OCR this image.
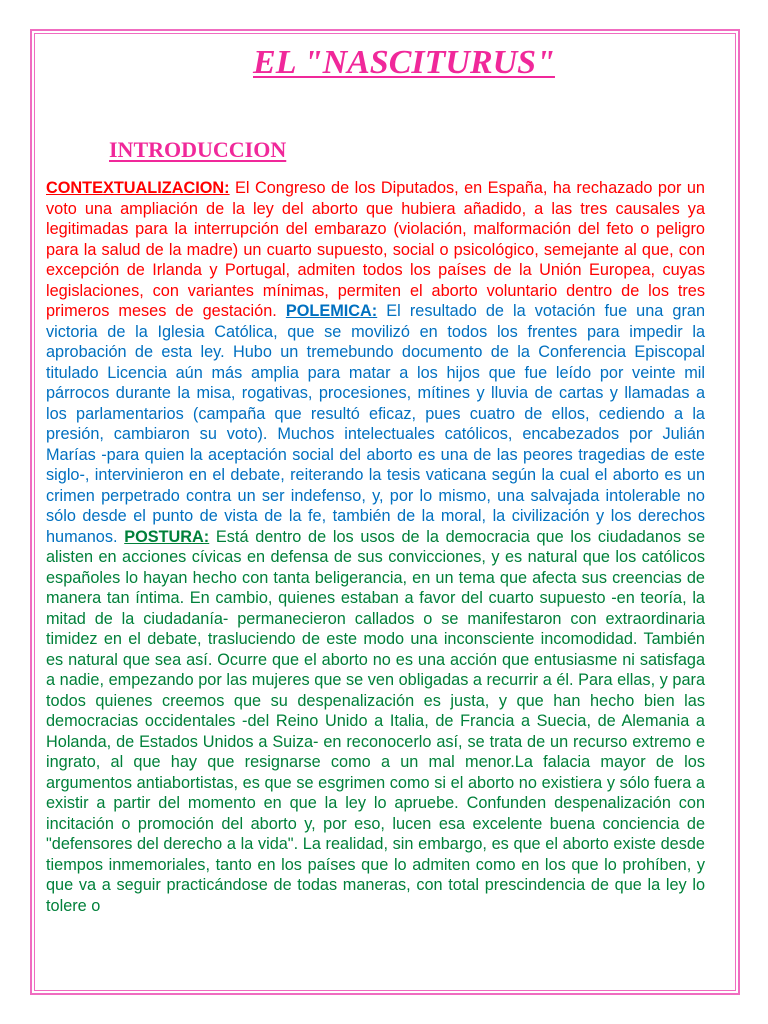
EL "NASCITURUS"
INTRODUCCION
CONTEXTUALIZACION: El Congreso de los Diputados, en España, ha rechazado por un voto una ampliación de la ley del aborto que hubiera añadido, a las tres causales ya legitimadas para la interrupción del embarazo (violación, malformación del feto o peligro para la salud de la madre) un cuarto supuesto, social o psicológico, semejante al que, con excepción de Irlanda y Portugal, admiten todos los países de la Unión Europea, cuyas legislaciones, con variantes mínimas, permiten el aborto voluntario dentro de los tres primeros meses de gestación. POLEMICA: El resultado de la votación fue una gran victoria de la Iglesia Católica, que se movilizó en todos los frentes para impedir la aprobación de esta ley. Hubo un tremebundo documento de la Conferencia Episcopal titulado Licencia aún más amplia para matar a los hijos que fue leído por veinte mil párrocos durante la misa, rogativas, procesiones, mítines y lluvia de cartas y llamadas a los parlamentarios (campaña que resultó eficaz, pues cuatro de ellos, cediendo a la presión, cambiaron su voto). Muchos intelectuales católicos, encabezados por Julián Marías -para quien la aceptación social del aborto es una de las peores tragedias de este siglo-, intervinieron en el debate, reiterando la tesis vaticana según la cual el aborto es un crimen perpetrado contra un ser indefenso, y, por lo mismo, una salvajada intolerable no sólo desde el punto de vista de la fe, también de la moral, la civilización y los derechos humanos. POSTURA: Está dentro de los usos de la democracia que los ciudadanos se alisten en acciones cívicas en defensa de sus convicciones, y es natural que los católicos españoles lo hayan hecho con tanta beligerancia, en un tema que afecta sus creencias de manera tan íntima. En cambio, quienes estaban a favor del cuarto supuesto -en teoría, la mitad de la ciudadanía- permanecieron callados o se manifestaron con extraordinaria timidez en el debate, trasluciendo de este modo una inconsciente incomodidad. También es natural que sea así. Ocurre que el aborto no es una acción que entusiasme ni satisfaga a nadie, empezando por las mujeres que se ven obligadas a recurrir a él. Para ellas, y para todos quienes creemos que su despenalización es justa, y que han hecho bien las democracias occidentales -del Reino Unido a Italia, de Francia a Suecia, de Alemania a Holanda, de Estados Unidos a Suiza- en reconocerlo así, se trata de un recurso extremo e ingrato, al que hay que resignarse como a un mal menor.La falacia mayor de los argumentos antiabortistas, es que se esgrimen como si el aborto no existiera y sólo fuera a existir a partir del momento en que la ley lo apruebe. Confunden despenalización con incitación o promoción del aborto y, por eso, lucen esa excelente buena conciencia de "defensores del derecho a la vida". La realidad, sin embargo, es que el aborto existe desde tiempos inmemoriales, tanto en los países que lo admiten como en los que lo prohíben, y que va a seguir practicándose de todas maneras, con total prescindencia de que la ley lo tolere o
